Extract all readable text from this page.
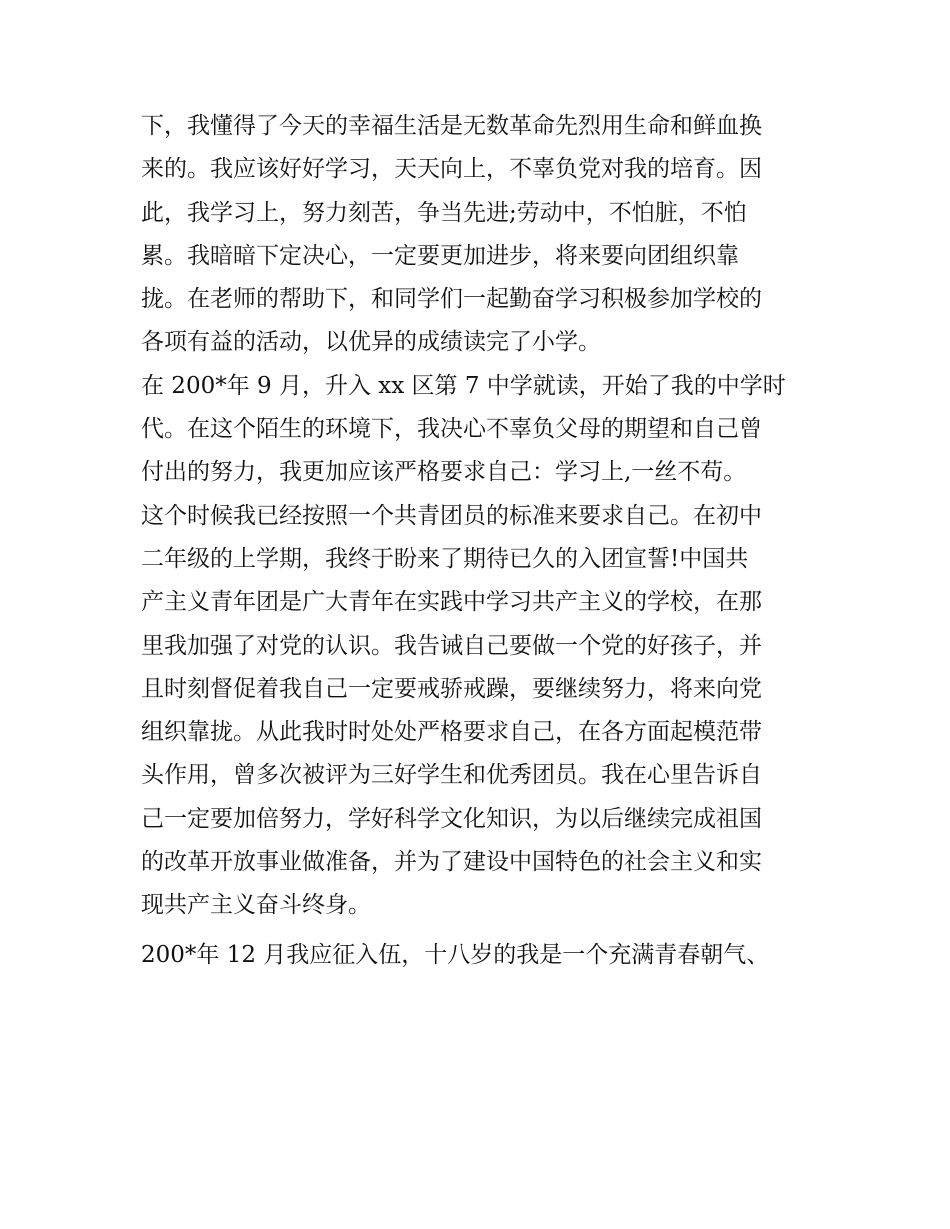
下，我懂得了今天的幸福生活是无数革命先烈用生命和鲜血换
来的。我应该好好学习，天天向上，不辜负党对我的培育。因
此，我学习上，努力刻苦，争当先进;劳动中，不怕脏，不怕
累。我暗暗下定决心，一定要更加进步，将来要向团组织靠
拢。在老师的帮助下，和同学们一起勤奋学习积极参加学校的
各项有益的活动，以优异的成绩读完了小学。
在 200*年 9 月，升入 xx 区第 7 中学就读，开始了我的中学时
代。在这个陌生的环境下，我决心不辜负父母的期望和自己曾
付出的努力，我更加应该严格要求自己：学习上,一丝不苟。
这个时候我已经按照一个共青团员的标准来要求自己。在初中
二年级的上学期，我终于盼来了期待已久的入团宣誓!中国共
产主义青年团是广大青年在实践中学习共产主义的学校，在那
里我加强了对党的认识。我告诫自己要做一个党的好孩子，并
且时刻督促着我自己一定要戒骄戒躁，要继续努力，将来向党
组织靠拢。从此我时时处处严格要求自己，在各方面起模范带
头作用，曾多次被评为三好学生和优秀团员。我在心里告诉自
己一定要加倍努力，学好科学文化知识，为以后继续完成祖国
的改革开放事业做准备，并为了建设中国特色的社会主义和实
现共产主义奋斗终身。
200*年 12 月我应征入伍，十八岁的我是一个充满青春朝气、
